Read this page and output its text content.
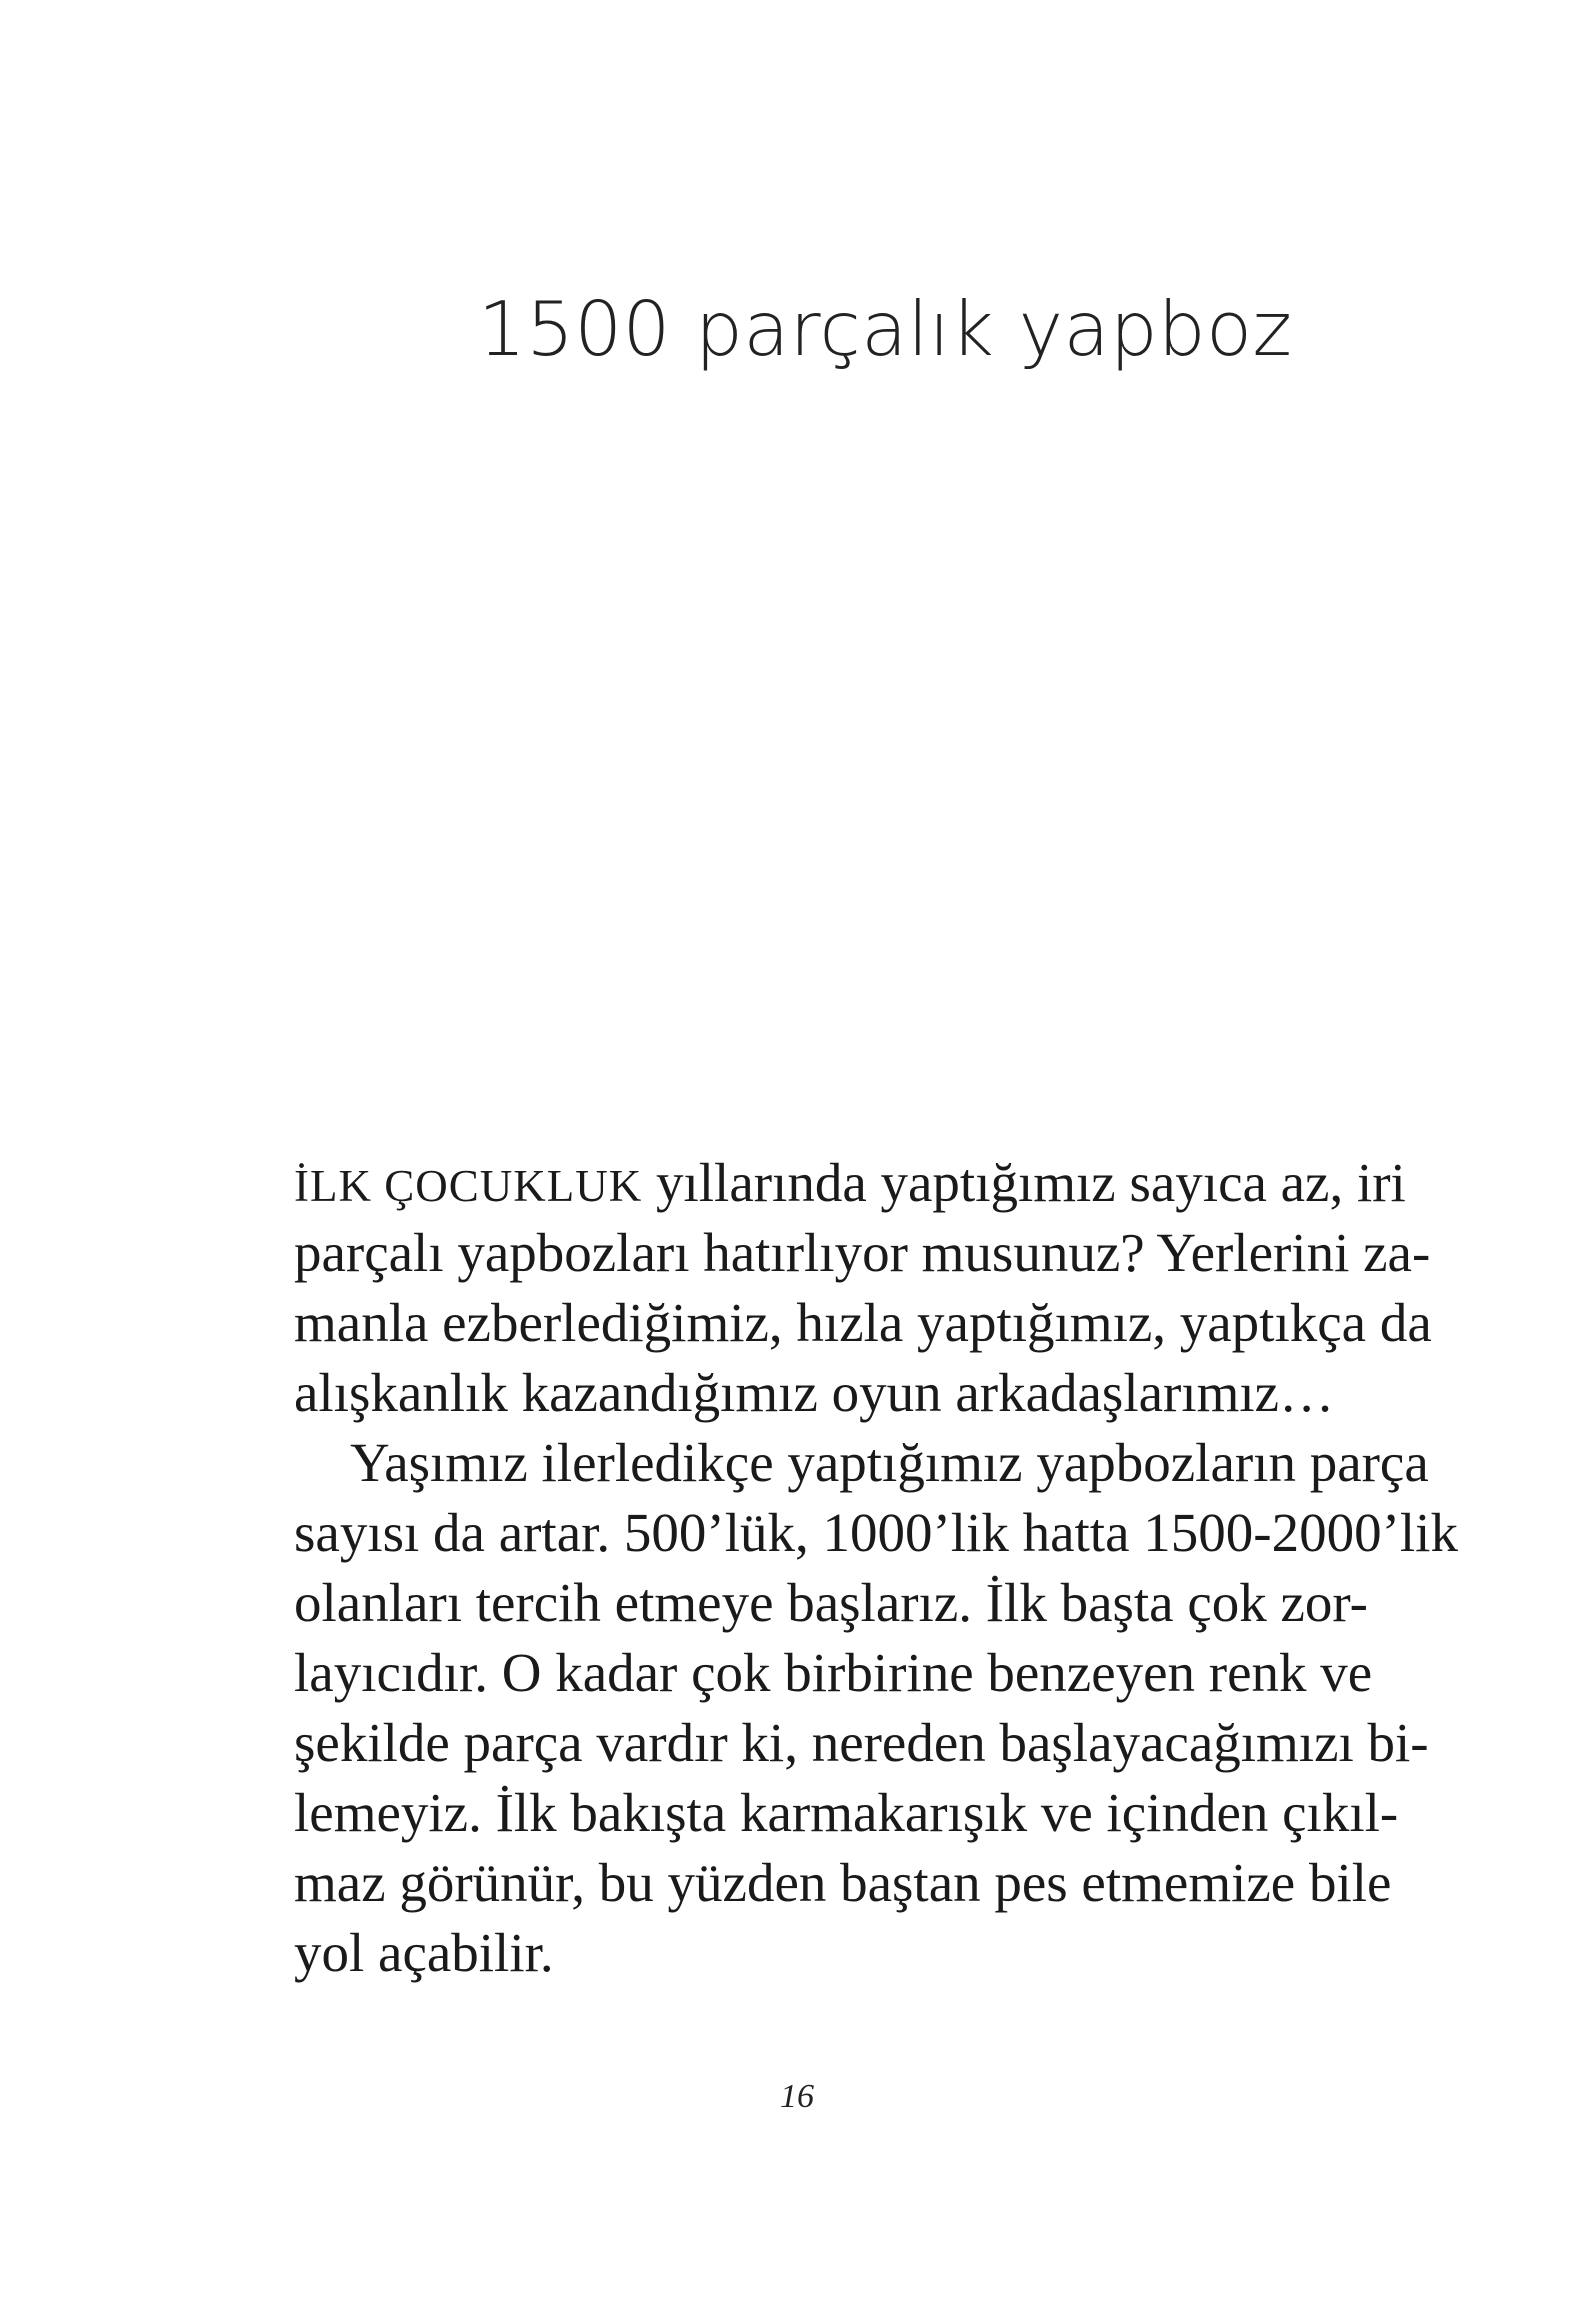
1500 parçalık yapboz
İLK ÇOCUKLUK yıllarında yaptığımız sayıca az, iri
parçalı yapbozları hatırlıyor musunuz? Yerlerini za-
manla ezberlediğimiz, hızla yaptığımız, yaptıkça da
alışkanlık kazandığımız oyun arkadaşlarımız…
Yaşımız ilerledikçe yaptığımız yapbozların parça
sayısı da artar. 500’lük, 1000’lik hatta 1500-2000’lik
olanları tercih etmeye başlarız. İlk başta çok zor-
layıcıdır. O kadar çok birbirine benzeyen renk ve
şekilde parça vardır ki, nereden başlayacağımızı bi-
lemeyiz. İlk bakışta karmakarışık ve içinden çıkıl-
maz görünür, bu yüzden baştan pes etmemize bile
yol açabilir.

16
